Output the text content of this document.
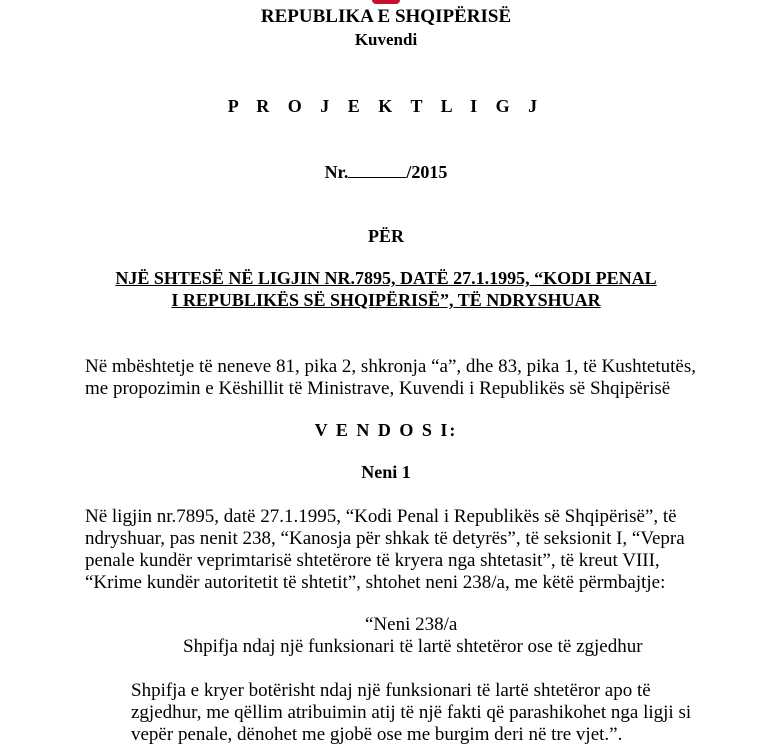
REPUBLIKA E SHQIPËRISË
Kuvendi
P R O J E K T L I G J
Nr.	/2015
PËR
NJË SHTESË NË LIGJIN NR.7895, DATË 27.1.1995, “KODI PENAL
I REPUBLIKËS SË SHQIPËRISË”, TË NDRYSHUAR
Në mbështetje të neneve 81, pika 2, shkronja “a”, dhe 83, pika 1, të Kushtetutës,
me propozimin e Këshillit të Ministrave, Kuvendi i Republikës së Shqipërisë
V E N D O S I:
Neni 1
Në ligjin nr.7895, datë 27.1.1995, “Kodi Penal i Republikës së Shqipërisë”, të
ndryshuar, pas nenit 238, “Kanosja për shkak të detyrës”, të seksionit I, “Vepra
penale kundër veprimtarisë shtetërore të kryera nga shtetasit”, të kreut VIII,
“Krime kundër autoritetit të shtetit”, shtohet neni 238/a, me këtë përmbajtje:
“Neni 238/a
Shpifja ndaj një funksionari të lartë shtetëror ose të zgjedhur
Shpifja e kryer botërisht ndaj një funksionari të lartë shtetëror apo të
zgjedhur, me qëllim atribuimin atij të një fakti që parashikohet nga ligji si
vepër penale, dënohet me gjobë ose me burgim deri në tre vjet.”.
